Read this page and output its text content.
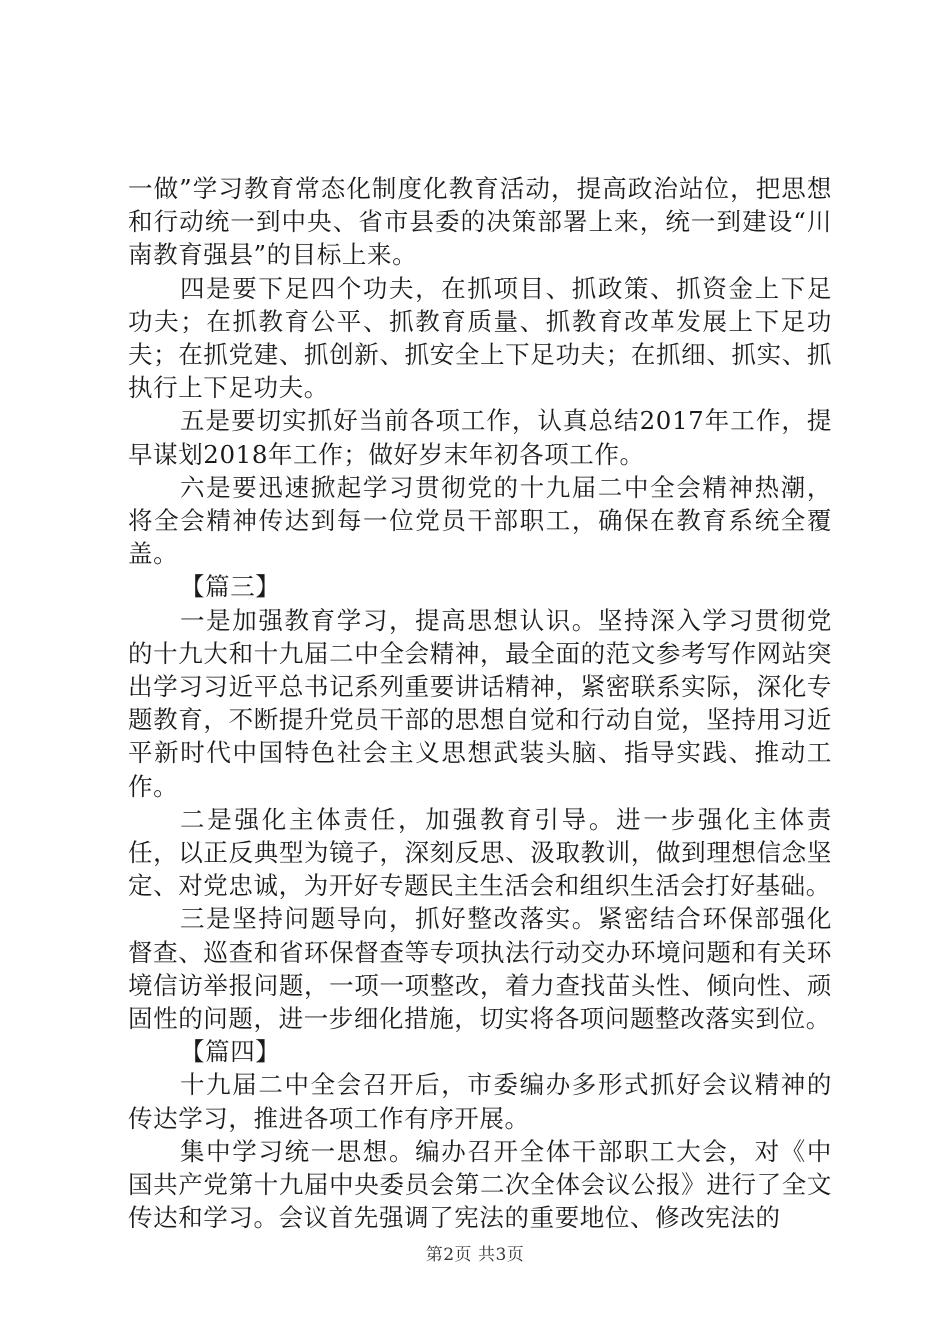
一做”学习教育常态化制度化教育活动，提高政治站位，把思想和行动统一到中央、省市县委的决策部署上来，统一到建设“川南教育强县”的目标上来。

四是要下足四个功夫，在抓项目、抓政策、抓资金上下足功夫；在抓教育公平、抓教育质量、抓教育改革发展上下足功夫；在抓党建、抓创新、抓安全上下足功夫；在抓细、抓实、抓执行上下足功夫。

五是要切实抓好当前各项工作，认真总结2017年工作，提早谋划2018年工作；做好岁末年初各项工作。

六是要迅速掀起学习贯彻党的十九届二中全会精神热潮，将全会精神传达到每一位党员干部职工，确保在教育系统全覆盖。

【篇三】

一是加强教育学习，提高思想认识。坚持深入学习贯彻党的十九大和十九届二中全会精神，最全面的范文参考写作网站突出学习习近平总书记系列重要讲话精神，紧密联系实际，深化专题教育，不断提升党员干部的思想自觉和行动自觉，坚持用习近平新时代中国特色社会主义思想武装头脑、指导实践、推动工作。

二是强化主体责任，加强教育引导。进一步强化主体责任，以正反典型为镜子，深刻反思、汲取教训，做到理想信念坚定、对党忠诚，为开好专题民主生活会和组织生活会打好基础。

三是坚持问题导向，抓好整改落实。紧密结合环保部强化督查、巡查和省环保督查等专项执法行动交办环境问题和有关环境信访举报问题，一项一项整改，着力查找苗头性、倾向性、顽固性的问题，进一步细化措施，切实将各项问题整改落实到位。

【篇四】

十九届二中全会召开后，市委编办多形式抓好会议精神的传达学习，推进各项工作有序开展。

集中学习统一思想。编办召开全体干部职工大会，对《中国共产党第十九届中央委员会第二次全体会议公报》进行了全文传达和学习。会议首先强调了宪法的重要地位、修改宪法的

第2页 共3页
